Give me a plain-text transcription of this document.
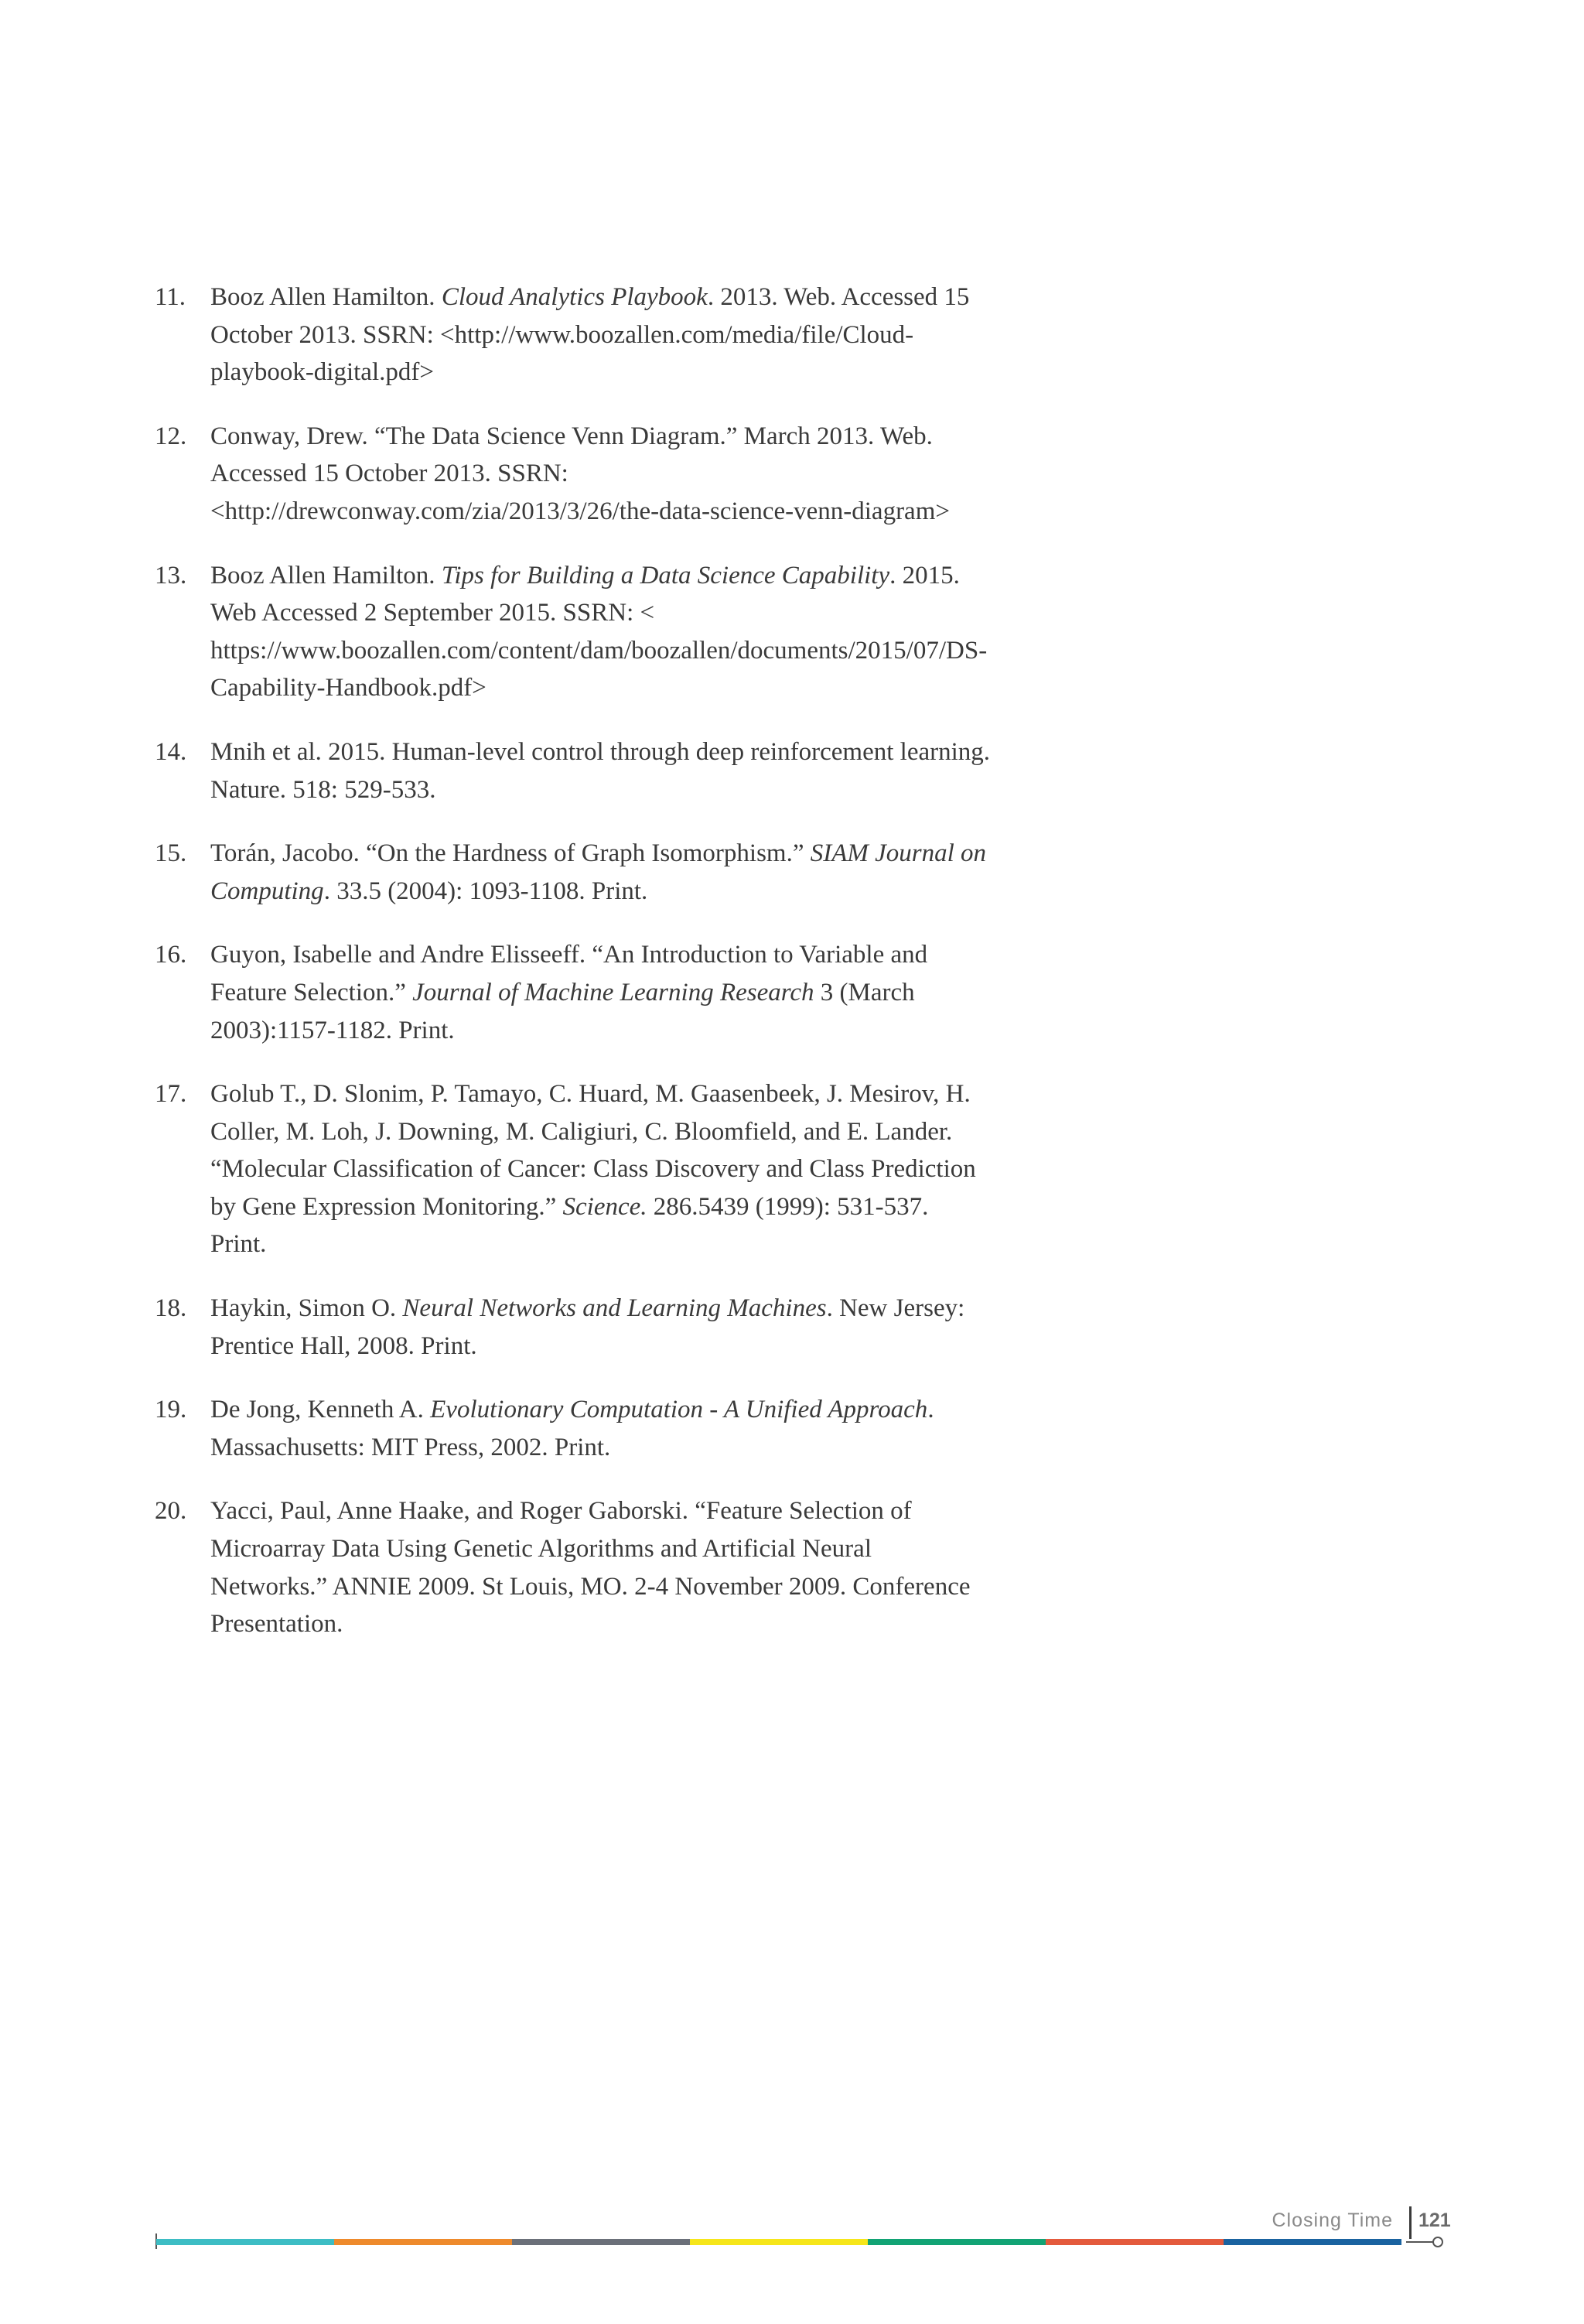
11. Booz Allen Hamilton. Cloud Analytics Playbook. 2013. Web. Accessed 15 October 2013. SSRN: <http://www.boozallen.com/media/file/Cloud-playbook-digital.pdf>
12. Conway, Drew. “The Data Science Venn Diagram.” March 2013. Web. Accessed 15 October 2013. SSRN: <http://drewconway.com/zia/2013/3/26/the-data-science-venn-diagram>
13. Booz Allen Hamilton. Tips for Building a Data Science Capability. 2015. Web Accessed 2 September 2015. SSRN: < https://www.boozallen.com/content/dam/boozallen/documents/2015/07/DS-Capability-Handbook.pdf>
14. Mnih et al. 2015. Human-level control through deep reinforcement learning. Nature. 518: 529-533.
15. Torán, Jacobo. “On the Hardness of Graph Isomorphism.” SIAM Journal on Computing. 33.5 (2004): 1093-1108. Print.
16. Guyon, Isabelle and Andre Elisseeff. “An Introduction to Variable and Feature Selection.” Journal of Machine Learning Research 3 (March 2003):1157-1182. Print.
17. Golub T., D. Slonim, P. Tamayo, C. Huard, M. Gaasenbeek, J. Mesirov, H. Coller, M. Loh, J. Downing, M. Caligiuri, C. Bloomfield, and E. Lander. “Molecular Classification of Cancer: Class Discovery and Class Prediction by Gene Expression Monitoring.” Science. 286.5439 (1999): 531-537. Print.
18. Haykin, Simon O. Neural Networks and Learning Machines. New Jersey: Prentice Hall, 2008. Print.
19. De Jong, Kenneth A. Evolutionary Computation - A Unified Approach. Massachusetts: MIT Press, 2002. Print.
20. Yacci, Paul, Anne Haake, and Roger Gaborski. “Feature Selection of Microarray Data Using Genetic Algorithms and Artificial Neural Networks.” ANNIE 2009. St Louis, MO. 2-4 November 2009. Conference Presentation.
Closing Time 121
